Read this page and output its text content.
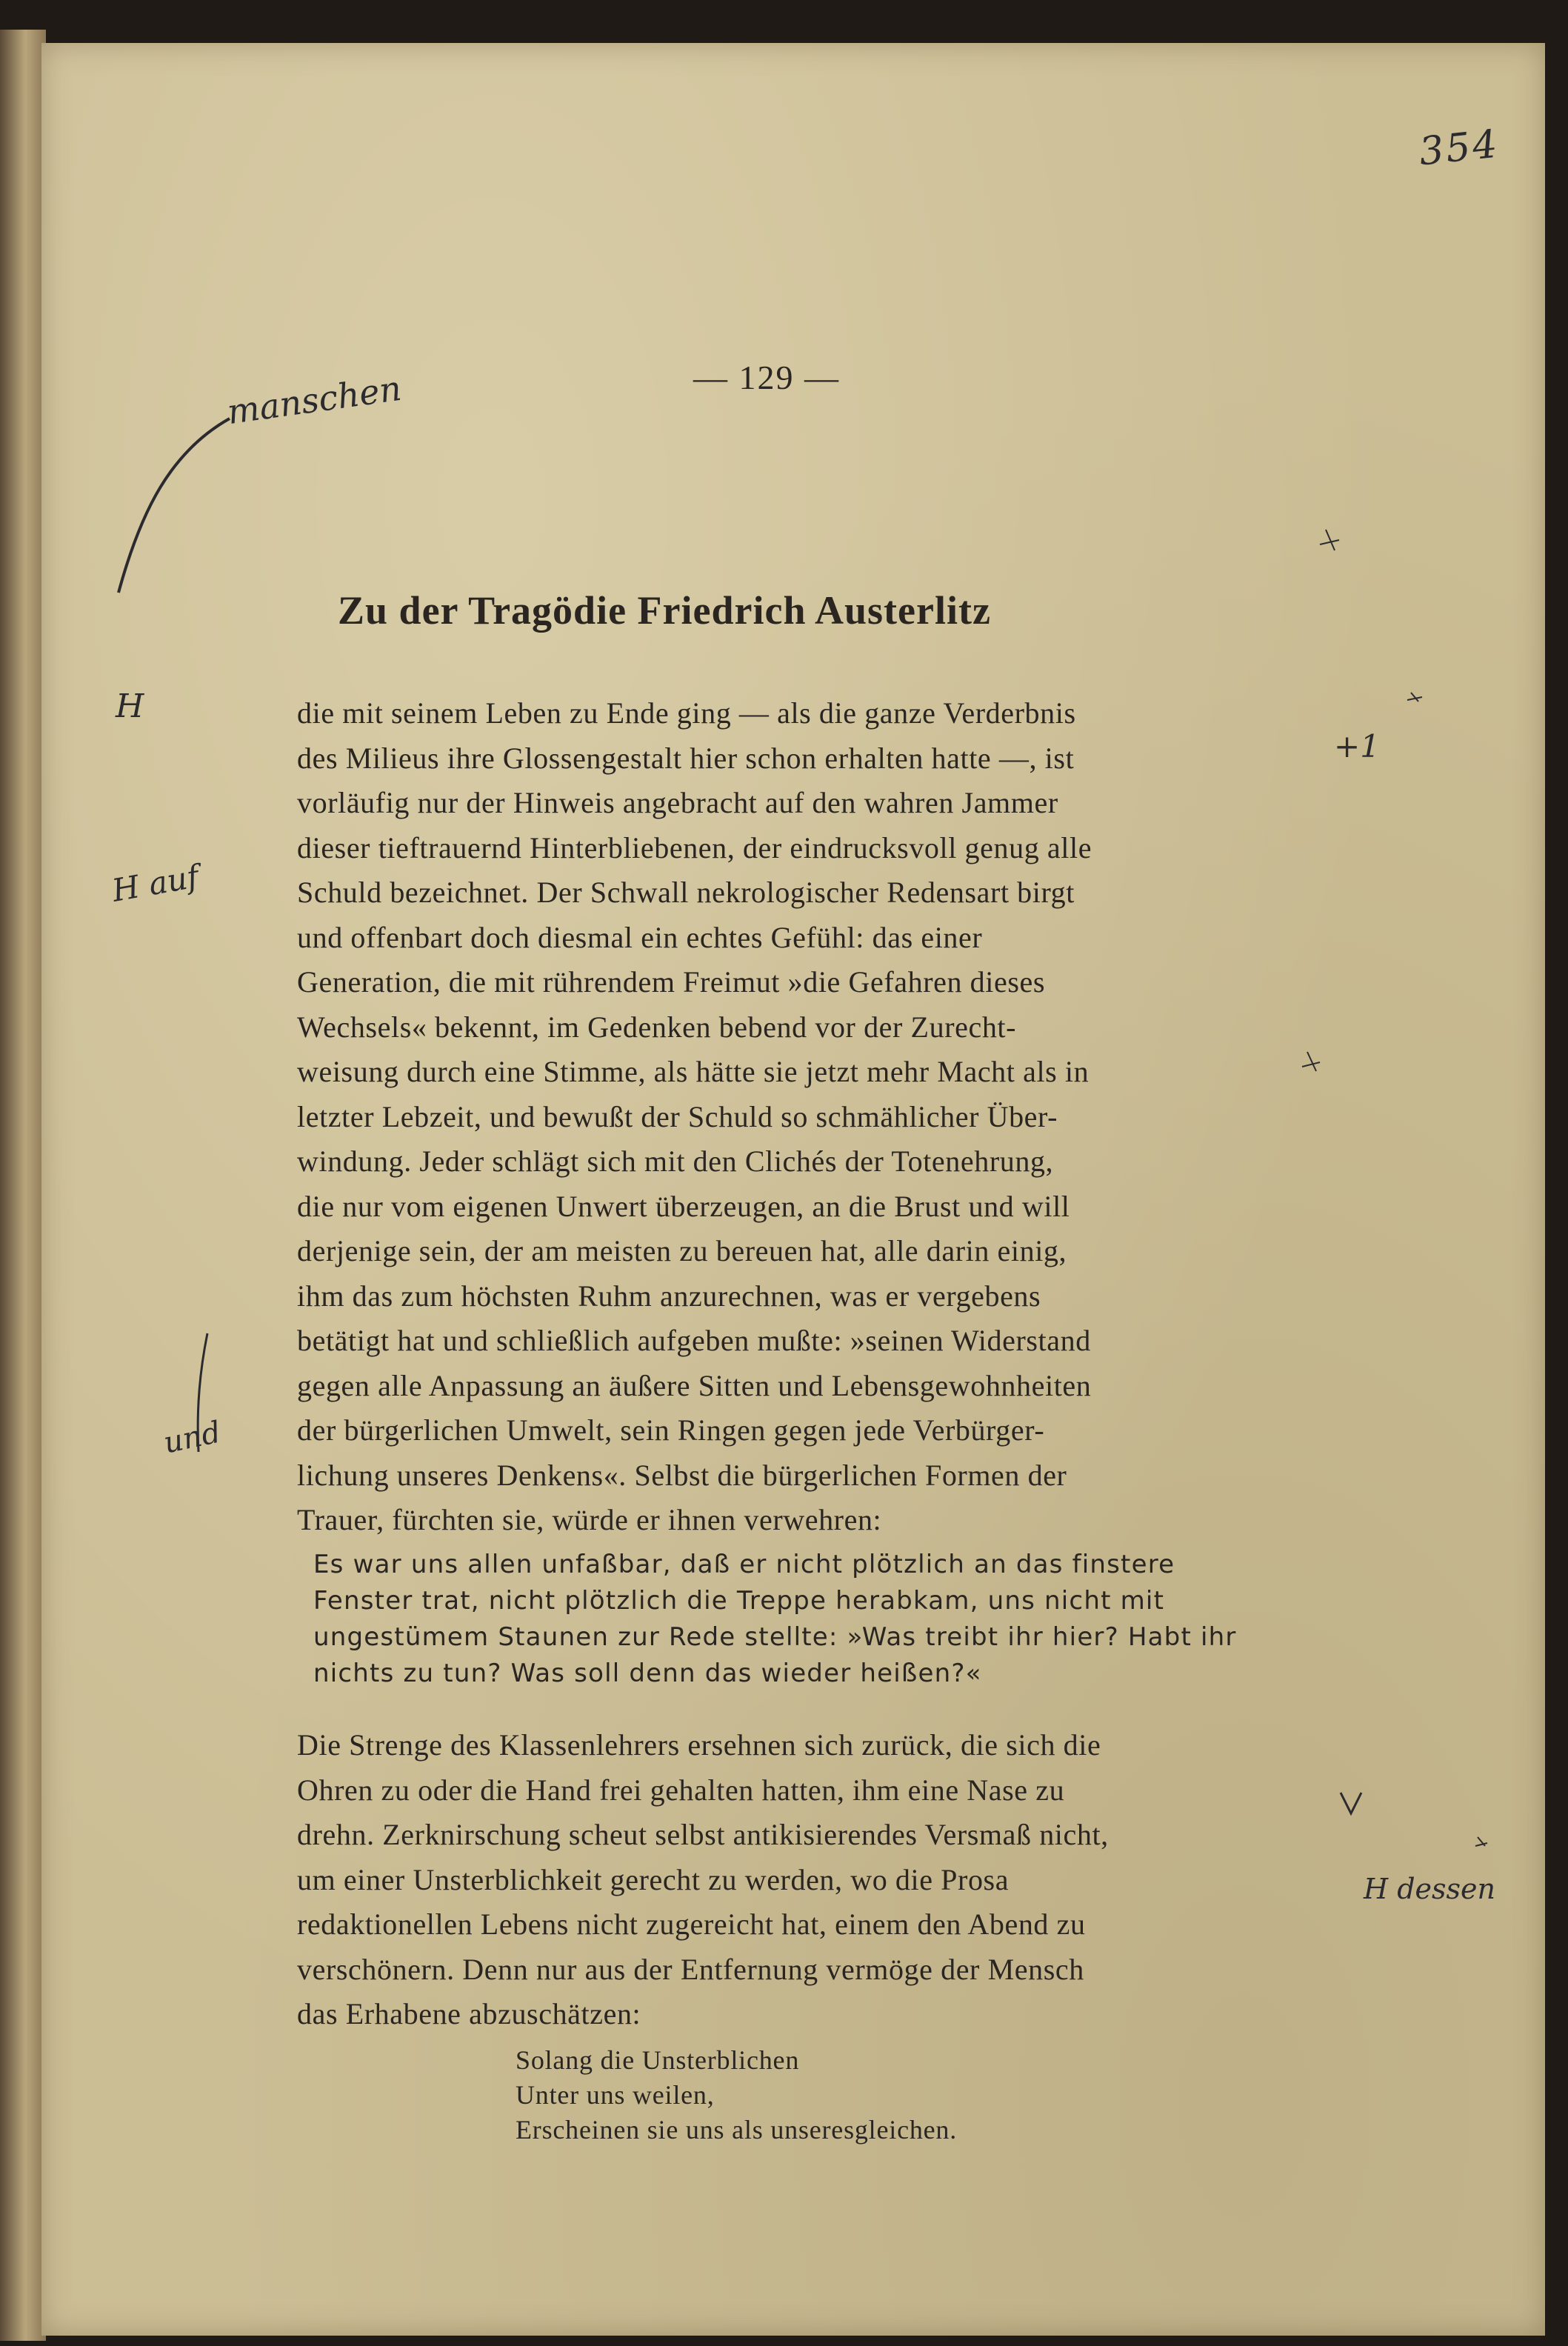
354
— 129 —
Zu der Tragödie Friedrich Austerlitz
die mit seinem Leben zu Ende ging — als die ganze Verderbnis
des Milieus ihre Glossengestalt hier schon erhalten hatte —, ist
vorläufig nur der Hinweis angebracht auf den wahren Jammer
dieser tieftrauernd Hinterbliebenen, der eindrucksvoll genug alle
Schuld bezeichnet. Der Schwall nekrologischer Redensart birgt
und offenbart doch diesmal ein echtes Gefühl: das einer
Generation, die mit rührendem Freimut »die Gefahren dieses
Wechsels« bekennt, im Gedenken bebend vor der Zurecht-
weisung durch eine Stimme, als hätte sie jetzt mehr Macht als in
letzter Lebzeit, und bewußt der Schuld so schmählicher Über-
windung. Jeder schlägt sich mit den Clichés der Totenehrung,
die nur vom eigenen Unwert überzeugen, an die Brust und will
derjenige sein, der am meisten zu bereuen hat, alle darin einig,
ihm das zum höchsten Ruhm anzurechnen, was er vergebens
betätigt hat und schließlich aufgeben mußte: »seinen Widerstand
gegen alle Anpassung an äußere Sitten und Lebensgewohnheiten
der bürgerlichen Umwelt, sein Ringen gegen jede Verbürger-
lichung unseres Denkens«. Selbst die bürgerlichen Formen der
Trauer, fürchten sie, würde er ihnen verwehren:
Es war uns allen unfaßbar, daß er nicht plötzlich an das finstere
Fenster trat, nicht plötzlich die Treppe herabkam, uns nicht mit
ungestümem Staunen zur Rede stellte: »Was treibt ihr hier? Habt ihr
nichts zu tun? Was soll denn das wieder heißen?«
Die Strenge des Klassenlehrers ersehnen sich zurück, die sich die
Ohren zu oder die Hand frei gehalten hatten, ihm eine Nase zu
drehn. Zerknirschung scheut selbst antikisierendes Versmaß nicht,
um einer Unsterblichkeit gerecht zu werden, wo die Prosa
redaktionellen Lebens nicht zugereicht hat, einem den Abend zu
verschönern. Denn nur aus der Entfernung vermöge der Mensch
das Erhabene abzuschätzen:
Solang die Unsterblichen
Unter uns weilen,
Erscheinen sie uns als unseresgleichen.
manschen
H
H auf
und
H dessen
+1
